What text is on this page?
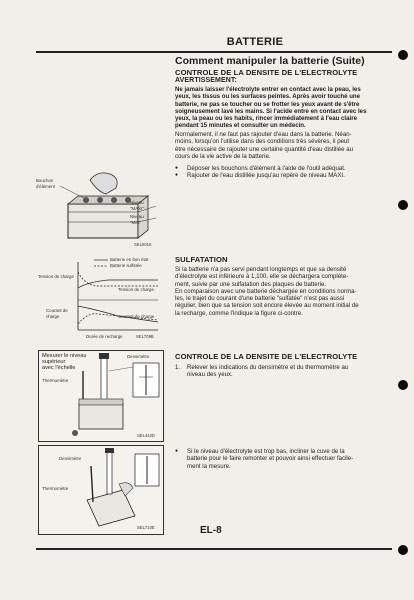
BATTERIE
Comment manipuler la batterie (Suite)
CONTROLE DE LA DENSITE DE L'ELECTROLYTE
AVERTISSEMENT:
Ne jamais laisser l'électrolyte entrer en contact avec la peau, les
yeux, les tissus ou les surfaces peintes. Après avoir touché une
batterie, ne pas se toucher ou se frotter les yeux avant de s'être
soigneusement lavé les mains. Si l'acide entre en contact avec les
yeux, la peau ou les habits, rincer immédiatement à l'eau claire
pendant 15 minutes et consulter un médecin.
Normalement, il ne faut pas rajouter d'eau dans la batterie. Néan-
moins, lorsqu'on l'utilise dans des conditions très sévères, il peut
être nécessaire de rajouter une certaine quantité d'eau distillée au
cours de la vie active de la batterie.
● Déposer les bouchons d'élément à l'aide de l'outil adéquat.
● Rajouter de l'eau distillée jusqu'au repère de niveau MAXI.
SULFATATION
Si la batterie n'a pas servi pendant longtemps et que sa densité
d'électrolyte est inférieure à 1,100, elle se déchargera complète-
ment, suivie par une sulfatation des plaques de batterie.
En comparaison avec une batterie déchargée en conditions norma-
les, le trajet du courant d'une batterie "sulfatée" n'est pas aussi
régulier, bien que sa tension soit encore élevée au moment initial de
la recharge, comme l'indique la figure ci-contre.
CONTROLE DE LA DENSITE DE L'ELECTROLYTE
1. Relever les indications du densimètre et du thermomètre au
niveau des yeux.
● Si le niveau d'électrolyte est trop bas, incliner la cuve de la
batterie pour le faire remonter et pouvoir ainsi effectuer facile-
ment la mesure.
Bouchon
d'élément
Niveau
"MAXI"
Niveau
"MIN"
SEL001K
Batterie en bon état
Batterie sulfatée
Tension de charge
Tension de charge
Courant de
charge	Courant de charge
Durée de recharge	SEL709B
Mesurer le niveau
supérieur
avec l'échelle
Densimètre
Thermomètre
SEL442D
Densimètre
Thermomètre
SEL710E	EL-8
